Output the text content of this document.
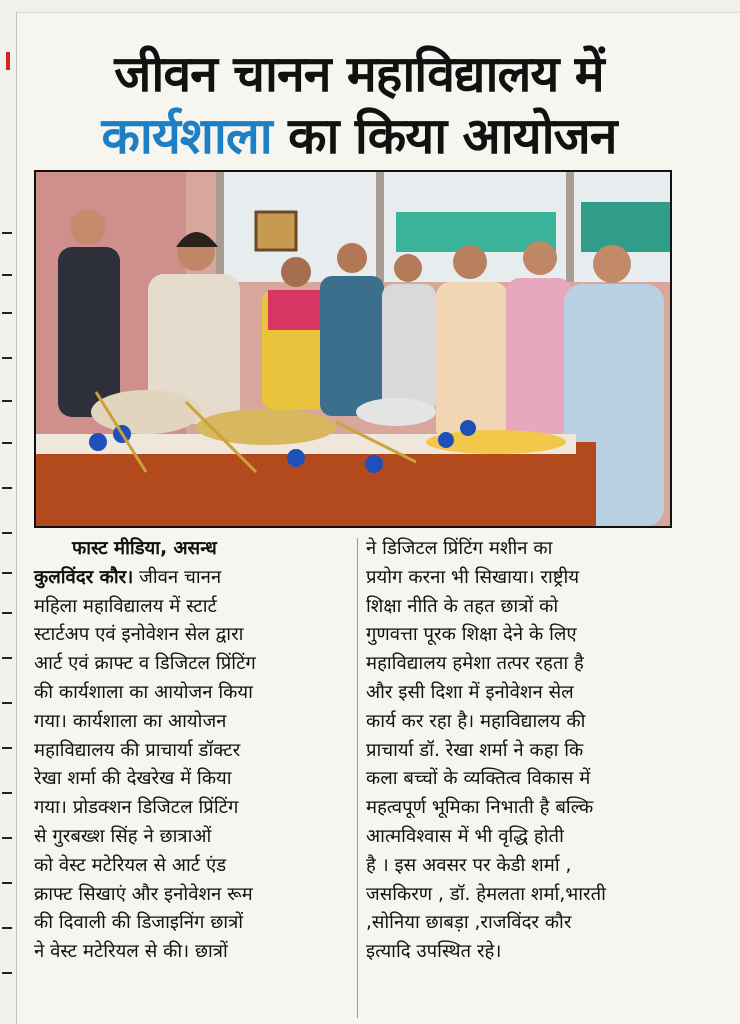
जीवन चानन महाविद्यालय में
कार्यशाला का किया आयोजन
फास्ट मीडिया, असन्ध
कुलविंदर कौर। जीवन चानन
महिला महाविद्यालय में स्टार्ट
स्टार्टअप एवं इनोवेशन सेल द्वारा
आर्ट एवं क्राफ्ट व डिजिटल प्रिंटिंग
की कार्यशाला का आयोजन किया
गया। कार्यशाला का आयोजन
महाविद्यालय की प्राचार्या डॉक्टर
रेखा शर्मा की देखरेख में किया
गया। प्रोडक्शन डिजिटल प्रिंटिंग
से गुरबख्श सिंह ने छात्राओं
को वेस्ट मटेरियल से आर्ट एंड
क्राफ्ट सिखाएं और इनोवेशन रूम
की दिवाली की डिजाइनिंग छात्रों
ने वेस्ट मटेरियल से की। छात्रों
ने डिजिटल प्रिंटिंग मशीन का
प्रयोग करना भी सिखाया। राष्ट्रीय
शिक्षा नीति के तहत छात्रों को
गुणवत्ता पूरक शिक्षा देने के लिए
महाविद्यालय हमेशा तत्पर रहता है
और इसी दिशा में इनोवेशन सेल
कार्य कर रहा है। महाविद्यालय की
प्राचार्या डॉ. रेखा शर्मा ने कहा कि
कला बच्चों के व्यक्तित्व विकास में
महत्वपूर्ण भूमिका निभाती है बल्कि
आत्मविश्वास में भी वृद्धि होती
है । इस अवसर पर केडी शर्मा ,
जसकिरण , डॉ. हेमलता शर्मा,भारती
,सोनिया छाबड़ा ,राजविंदर कौर
इत्यादि उपस्थित रहे।
